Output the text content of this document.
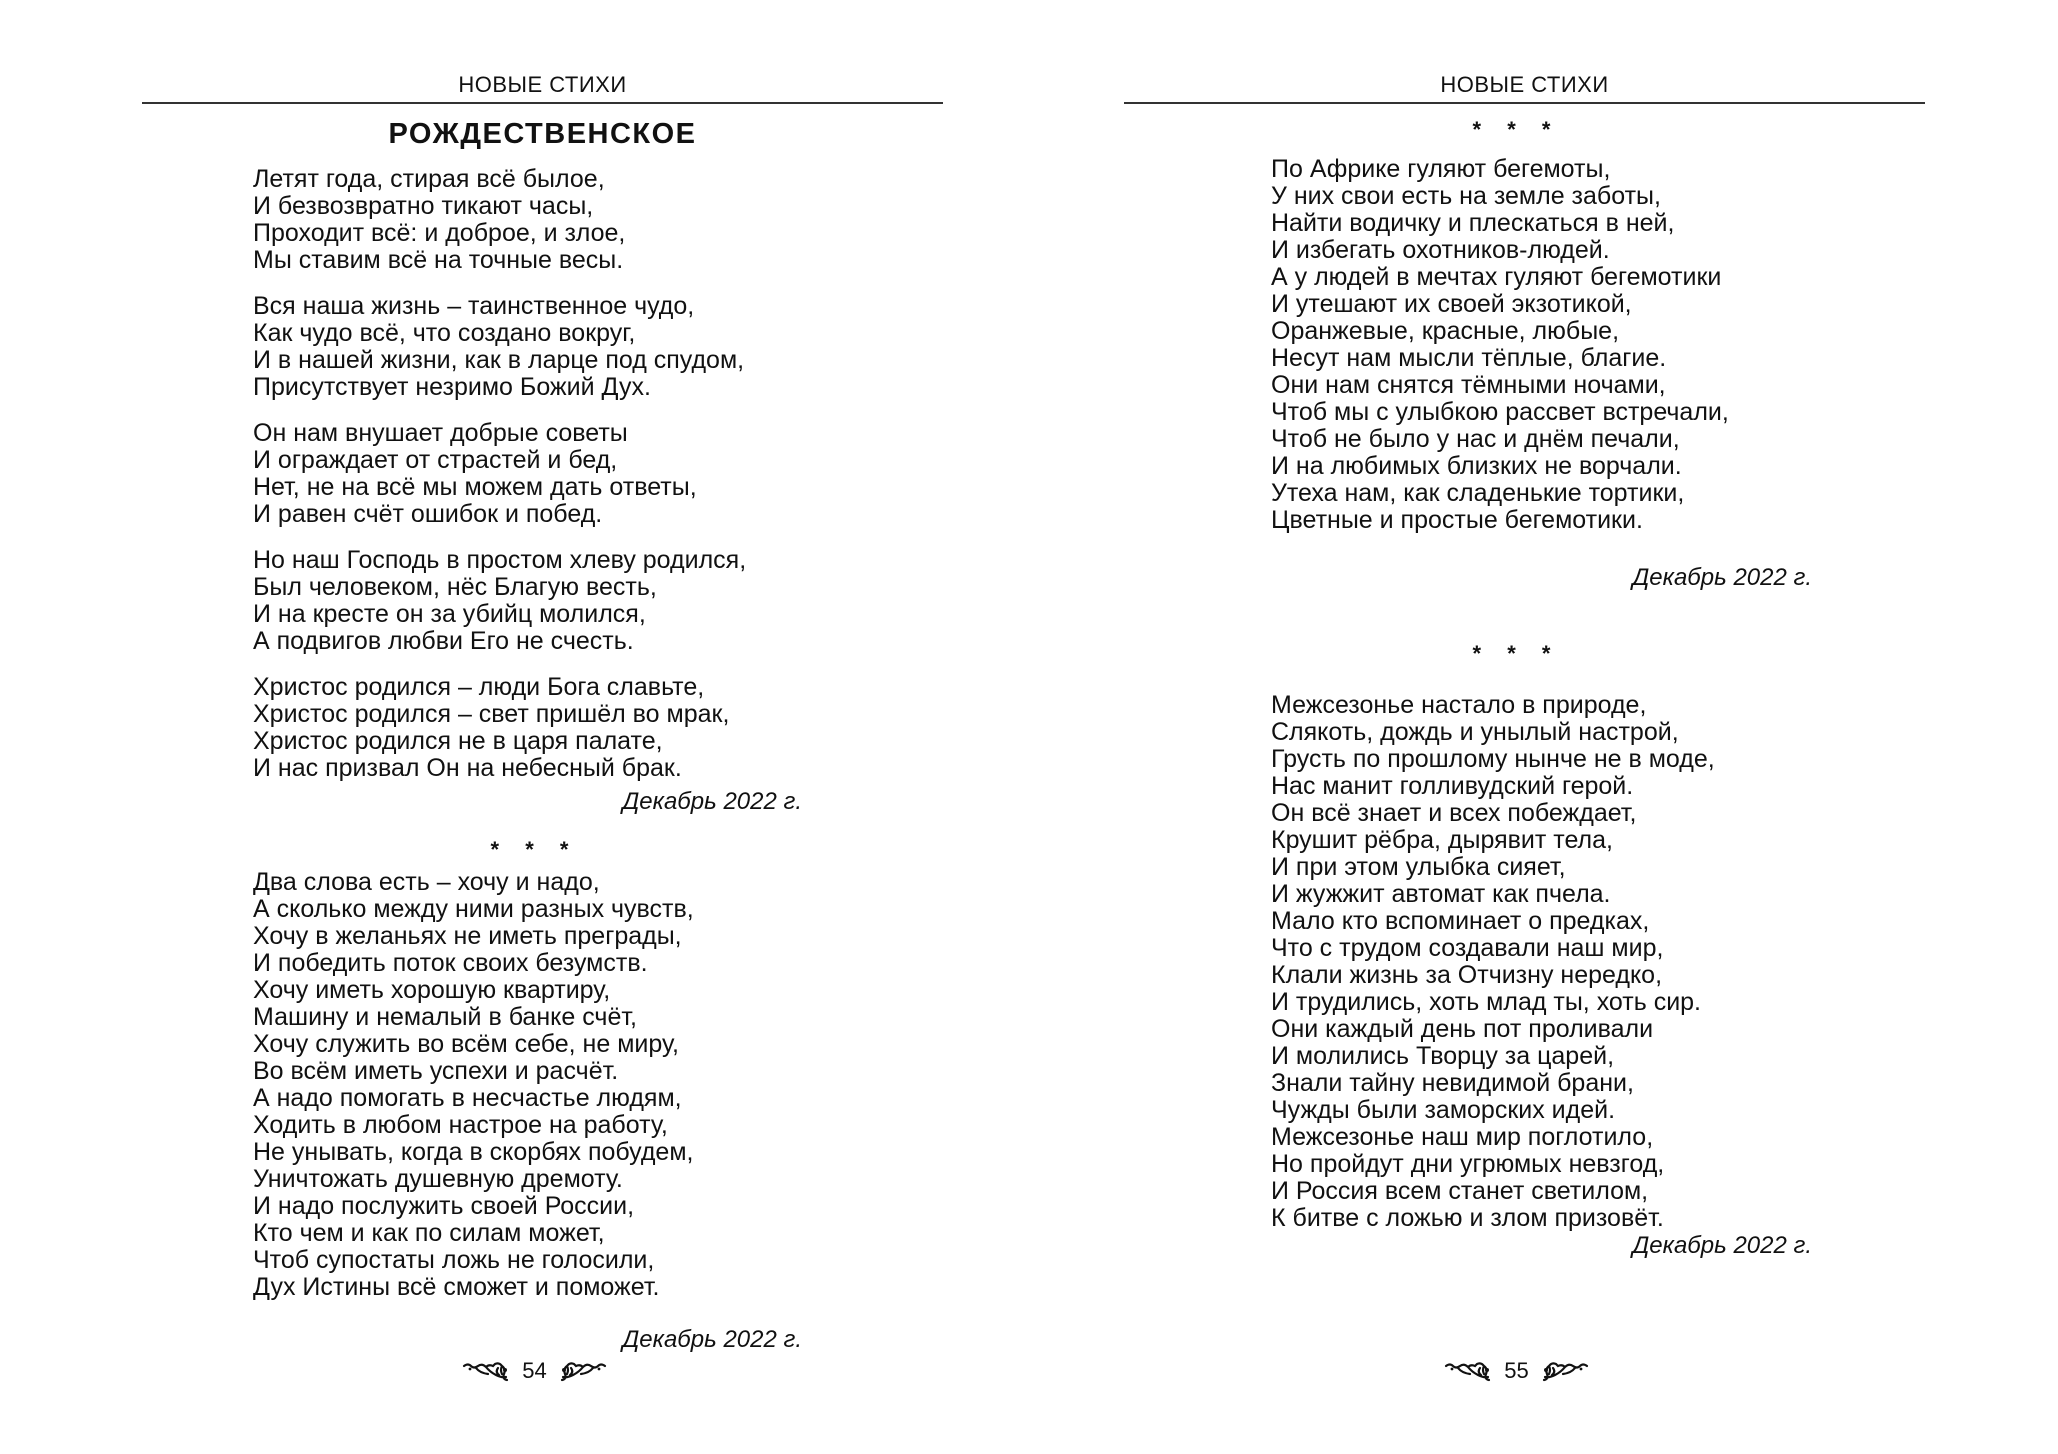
НОВЫЕ СТИХИ
РОЖДЕСТВЕНСКОЕ
Летят года, стирая всё былое,
И безвозвратно тикают часы,
Проходит всё: и доброе, и злое,
Мы ставим всё на точные весы.
Вся наша жизнь – таинственное чудо,
Как чудо всё, что создано вокруг,
И в нашей жизни, как в ларце под спудом,
Присутствует незримо Божий Дух.
Он нам внушает добрые советы
И ограждает от страстей и бед,
Нет, не на всё мы можем дать ответы,
И равен счёт ошибок и побед.
Но наш Господь в простом хлеву родился,
Был человеком, нёс Благую весть,
И на кресте он за убийц молился,
А подвигов любви Его не счесть.
Христос родился – люди Бога славьте,
Христос родился – свет пришёл во мрак,
Христос родился не в царя палате,
И нас призвал Он на небесный брак.
Декабрь 2022 г.
* * *
Два слова есть – хочу и надо,
А сколько между ними разных чувств,
Хочу в желаньях не иметь преграды,
И победить поток своих безумств.
Хочу иметь хорошую квартиру,
Машину и немалый в банке счёт,
Хочу служить во всём себе, не миру,
Во всём иметь успехи и расчёт.
А надо помогать в несчастье людям,
Ходить в любом настрое на работу,
Не унывать, когда в скорбях побудем,
Уничтожать душевную дремоту.
И надо послужить своей России,
Кто чем и как по силам может,
Чтоб супостаты ложь не голосили,
Дух Истины всё сможет и поможет.
Декабрь 2022 г.
54
НОВЫЕ СТИХИ
* * *
По Африке гуляют бегемоты,
У них свои есть на земле заботы,
Найти водичку и плескаться в ней,
И избегать охотников-людей.
А у людей в мечтах гуляют бегемотики
И утешают их своей экзотикой,
Оранжевые, красные, любые,
Несут нам мысли тёплые, благие.
Они нам снятся тёмными ночами,
Чтоб мы с улыбкою рассвет встречали,
Чтоб не было у нас и днём печали,
И на любимых близких не ворчали.
Утеха нам, как сладенькие тортики,
Цветные и простые бегемотики.
Декабрь 2022 г.
* * *
Межсезонье настало в природе,
Слякоть, дождь и унылый настрой,
Грусть по прошлому нынче не в моде,
Нас манит голливудский герой.
Он всё знает и всех побеждает,
Крушит рёбра, дырявит тела,
И при этом улыбка сияет,
И жужжит автомат как пчела.
Мало кто вспоминает о предках,
Что с трудом создавали наш мир,
Клали жизнь за Отчизну нередко,
И трудились, хоть млад ты, хоть сир.
Они каждый день пот проливали
И молились Творцу за царей,
Знали тайну невидимой брани,
Чужды были заморских идей.
Межсезонье наш мир поглотило,
Но пройдут дни угрюмых невзгод,
И Россия всем станет светилом,
К битве с ложью и злом призовёт.
Декабрь 2022 г.
55
